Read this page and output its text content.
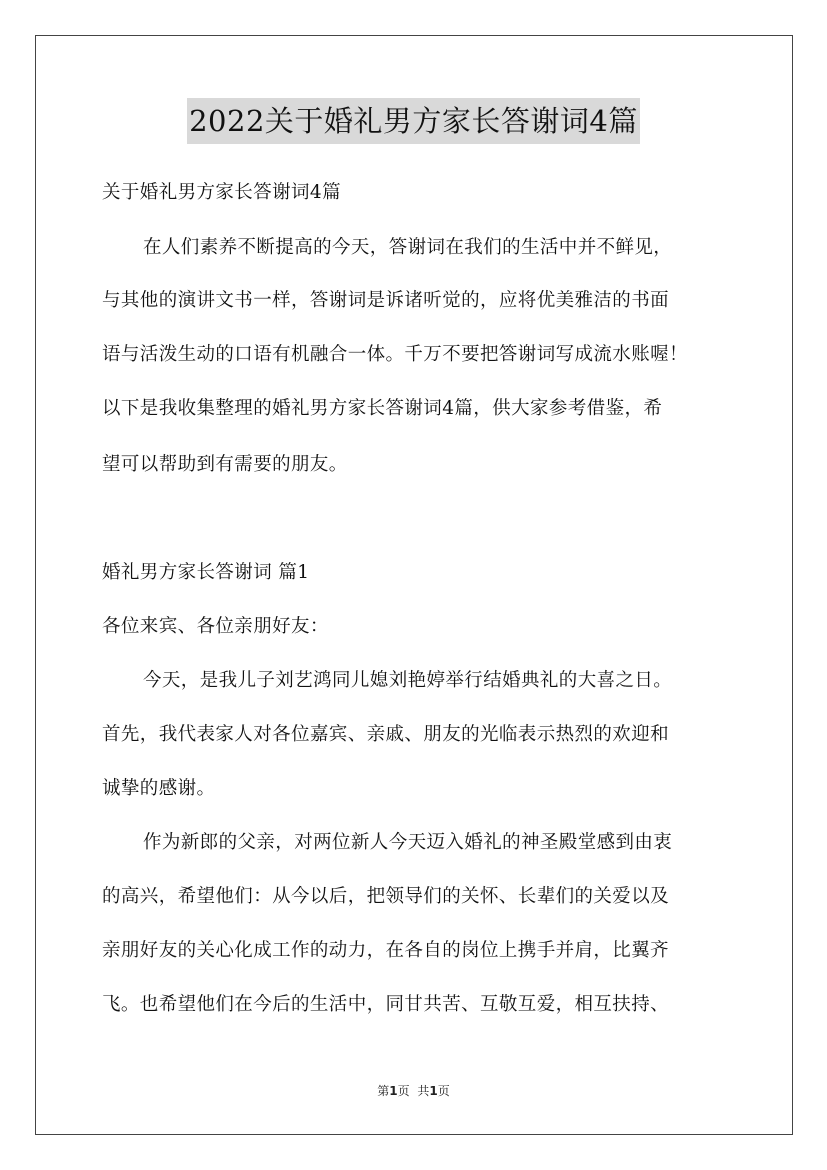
2022关于婚礼男方家长答谢词4篇
关于婚礼男方家长答谢词4篇
在人们素养不断提高的今天，答谢词在我们的生活中并不鲜见，
与其他的演讲文书一样，答谢词是诉诸听觉的，应将优美雅洁的书面
语与活泼生动的口语有机融合一体。千万不要把答谢词写成流水账喔！
以下是我收集整理的婚礼男方家长答谢词4篇，供大家参考借鉴，希
望可以帮助到有需要的朋友。
婚礼男方家长答谢词 篇1
各位来宾、各位亲朋好友：
今天，是我儿子刘艺鸿同儿媳刘艳婷举行结婚典礼的大喜之日。
首先，我代表家人对各位嘉宾、亲戚、朋友的光临表示热烈的欢迎和
诚挚的感谢。
作为新郎的父亲，对两位新人今天迈入婚礼的神圣殿堂感到由衷
的高兴，希望他们：从今以后，把领导们的关怀、长辈们的关爱以及
亲朋好友的关心化成工作的动力，在各自的岗位上携手并肩，比翼齐
飞。也希望他们在今后的生活中，同甘共苦、互敬互爱，相互扶持、
第1页 共1页
